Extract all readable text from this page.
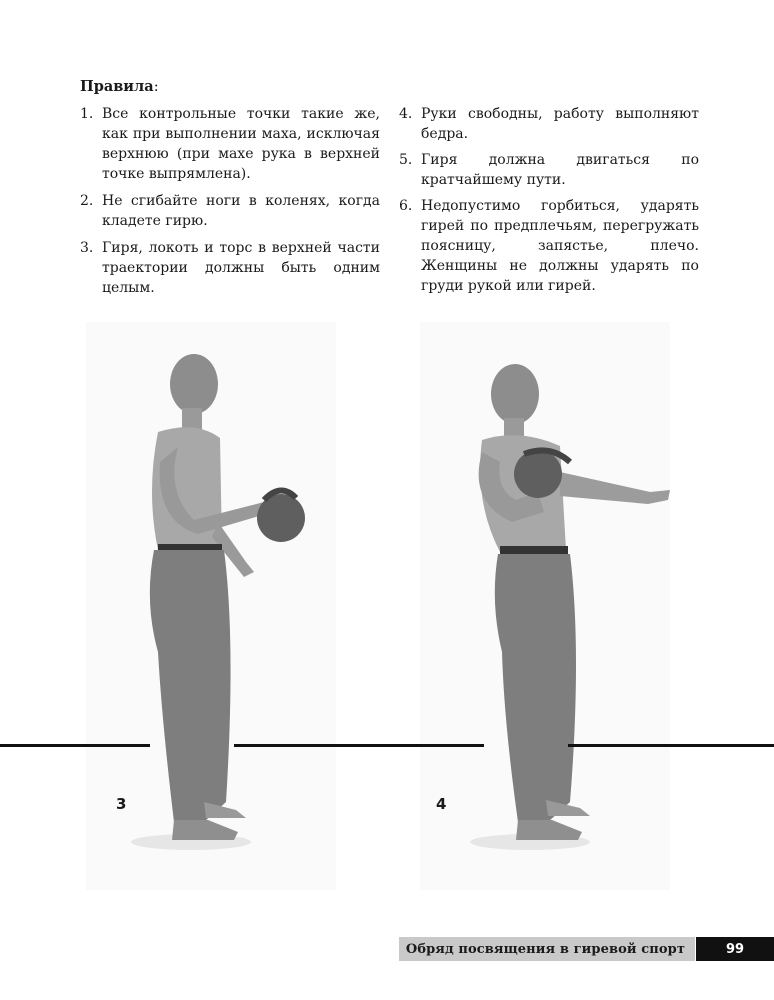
Правила:
1. Все контрольные точки такие же, как при выполнении маха, исключая верхнюю (при махе рука в верхней точке выпрямлена).
2. Не сгибайте ноги в коленях, когда кладете гирю.
3. Гиря, локоть и торс в верхней части траектории должны быть одним целым.
4. Руки свободны, работу выполняют бедра.
5. Гиря должна двигаться по кратчайшему пути.
6. Недопустимо горбиться, ударять гирей по предплечьям, перегружать поясницу, запястье, плечо. Женщины не должны ударять по груди рукой или гирей.
3	4
Обряд посвящения в гиревой спорт	99
